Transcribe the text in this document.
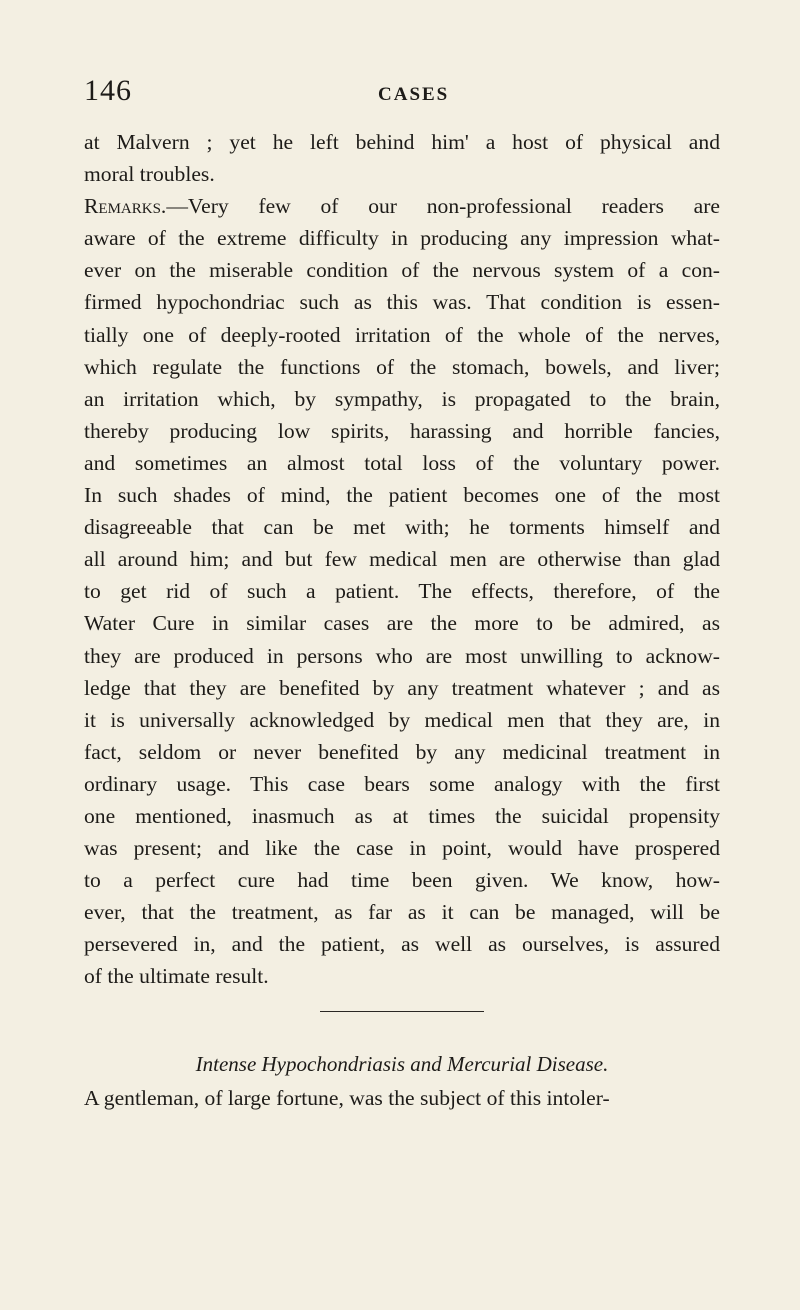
146	CASES
at Malvern ; yet he left behind him' a host of physical and
moral troubles.
Remarks.—Very few of our non-professional readers are
aware of the extreme difficulty in producing any impression what-
ever on the miserable condition of the nervous system of a con-
firmed hypochondriac such as this was. That condition is essen-
tially one of deeply-rooted irritation of the whole of the nerves,
which regulate the functions of the stomach, bowels, and liver;
an irritation which, by sympathy, is propagated to the brain,
thereby producing low spirits, harassing and horrible fancies,
and sometimes an almost total loss of the voluntary power.
In such shades of mind, the patient becomes one of the most
disagreeable that can be met with; he torments himself and
all around him; and but few medical men are otherwise than glad
to get rid of such a patient. The effects, therefore, of the
Water Cure in similar cases are the more to be admired, as
they are produced in persons who are most unwilling to acknow-
ledge that they are benefited by any treatment whatever ; and as
it is universally acknowledged by medical men that they are, in
fact, seldom or never benefited by any medicinal treatment in
ordinary usage. This case bears some analogy with the first
one mentioned, inasmuch as at times the suicidal propensity
was present; and like the case in point, would have prospered
to a perfect cure had time been given. We know, how-
ever, that the treatment, as far as it can be managed, will be
persevered in, and the patient, as well as ourselves, is assured
of the ultimate result.
Intense Hypochondriasis and Mercurial Disease.
A gentleman, of large fortune, was the subject of this intoler-
